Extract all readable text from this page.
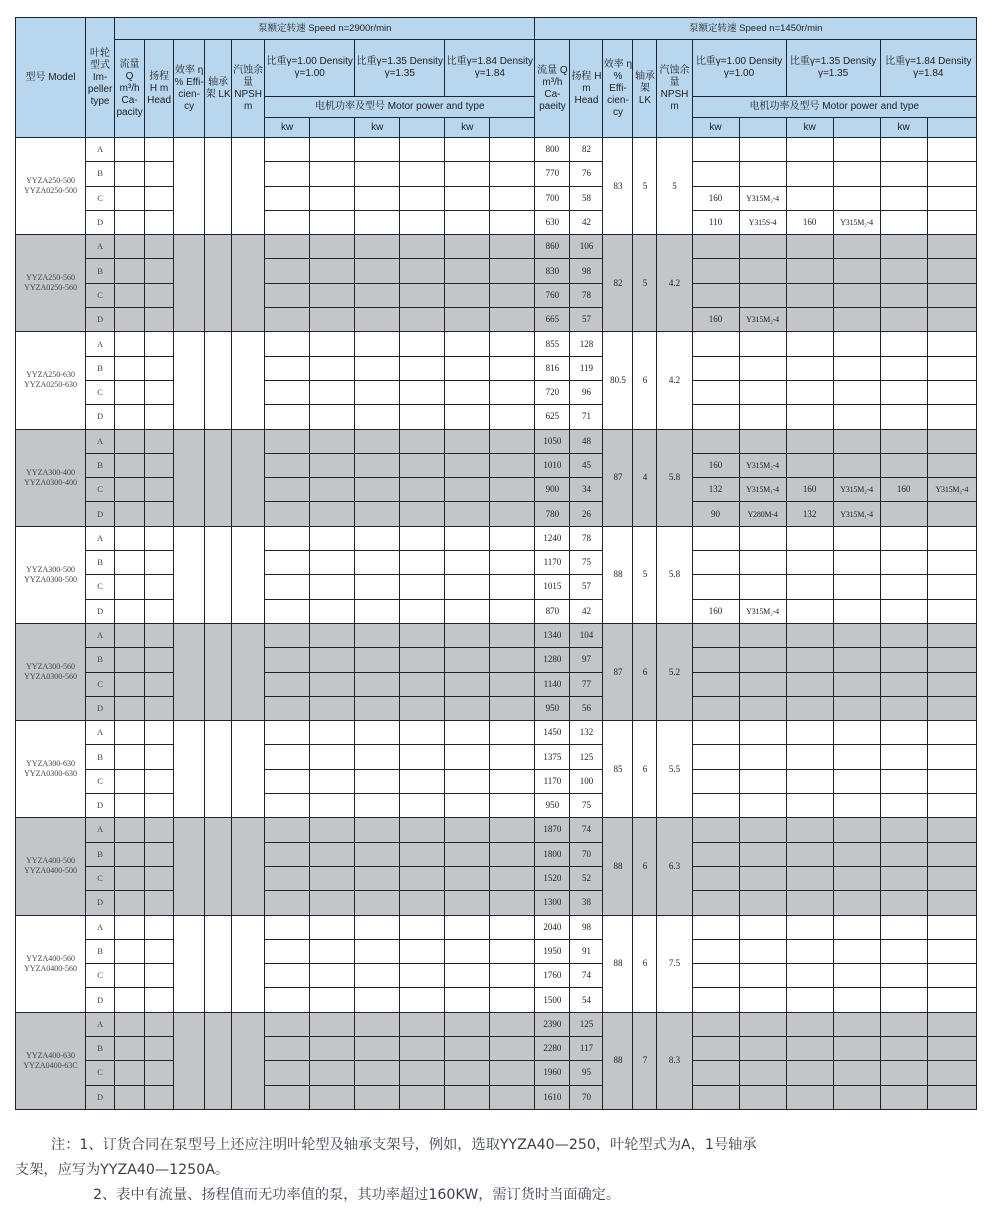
型号 Model	叶轮型式 Im-peller type	泵额定转速 Speed n=2900r/min											泵额定转速 Speed n=1450r/min										
		流量 Q m³/h Ca-pacity	扬程 H m Head	效率 η % Effi-cien-cy	轴承架 LK	汽蚀余量 NPSH m	比重γ=1.00 Density γ=1.00		比重γ=1.35 Density γ=1.35		比重γ=1.84 Density γ=1.84		流量 Q m³/h Ca-paeity	扬程 H m Head	效率 η % Effi-cien-cy	轴承架 LK	汽蚀余量 NPSH m	比重γ=1.00 Density γ=1.00		比重γ=1.35 Density γ=1.35		比重γ=1.84 Density γ=1.84	
							电机功率及型号 Motor power and type											电机功率及型号 Motor power and type					
							kw		kw		kw							kw		kw		kw	
YYZA250-500 YYZA0250-500	A												800	82	83	5	5						
	B												770	76									
	C												700	58				160	Y315M₂-4				
	D												630	42				110	Y315S-4	160	Y315M₂-4		
YYZA250-560 YYZA0250-560	A												860	106	82	5	4.2						
	B												830	98									
	C												760	78									
	D												665	57				160	Y315M₂-4				
YYZA250-630 YYZA0250-630	A												855	128	80.5	6	4.2						
	B												816	119									
	C												720	96									
	D												625	71									
YYZA300-400 YYZA0300-400	A												1050	48	87	4	5.8						
	B												1010	45				160	Y315M₂-4				
	C												900	34				132	Y315M₁-4	160	Y315M₂-4	160	Y315M₂-4
	D												780	26				90	Y280M-4	132	Y315M₁-4		
YYZA300-500 YYZA0300-500	A												1240	78	88	5	5.8						
	B												1170	75									
	C												1015	57									
	D												870	42				160	Y315M₂-4				
YYZA300-560 YYZA0300-560	A												1340	104	87	6	5.2						
	B												1280	97									
	C												1140	77									
	D												950	56									
YYZA300-630 YYZA0300-630	A												1450	132	85	6	5.5						
	B												1375	125									
	C												1170	100									
	D												950	75									
YYZA400-500 YYZA0400-500	A												1870	74	88	6	6.3						
	B												1800	70									
	C												1520	52									
	D												1300	38									
YYZA400-560 YYZA0400-560	A												2040	98	88	6	7.5						
	B												1950	91									
	C												1760	74									
	D												1500	54									
YYZA400-630 YYZA0400-63C	A												2390	125	88	7	8.3						
	B												2280	117									
	C												1960	95									
	D												1610	70									

注：1、订货合同在泵型号上还应注明叶轮型及轴承支架号，例如，选取YYZA40—250，叶轮型式为A，1号轴承

支架，应写为YYZA40—1250A。

2、表中有流量、扬程值而无功率值的泵，其功率超过160KW，需订货时当面确定。
